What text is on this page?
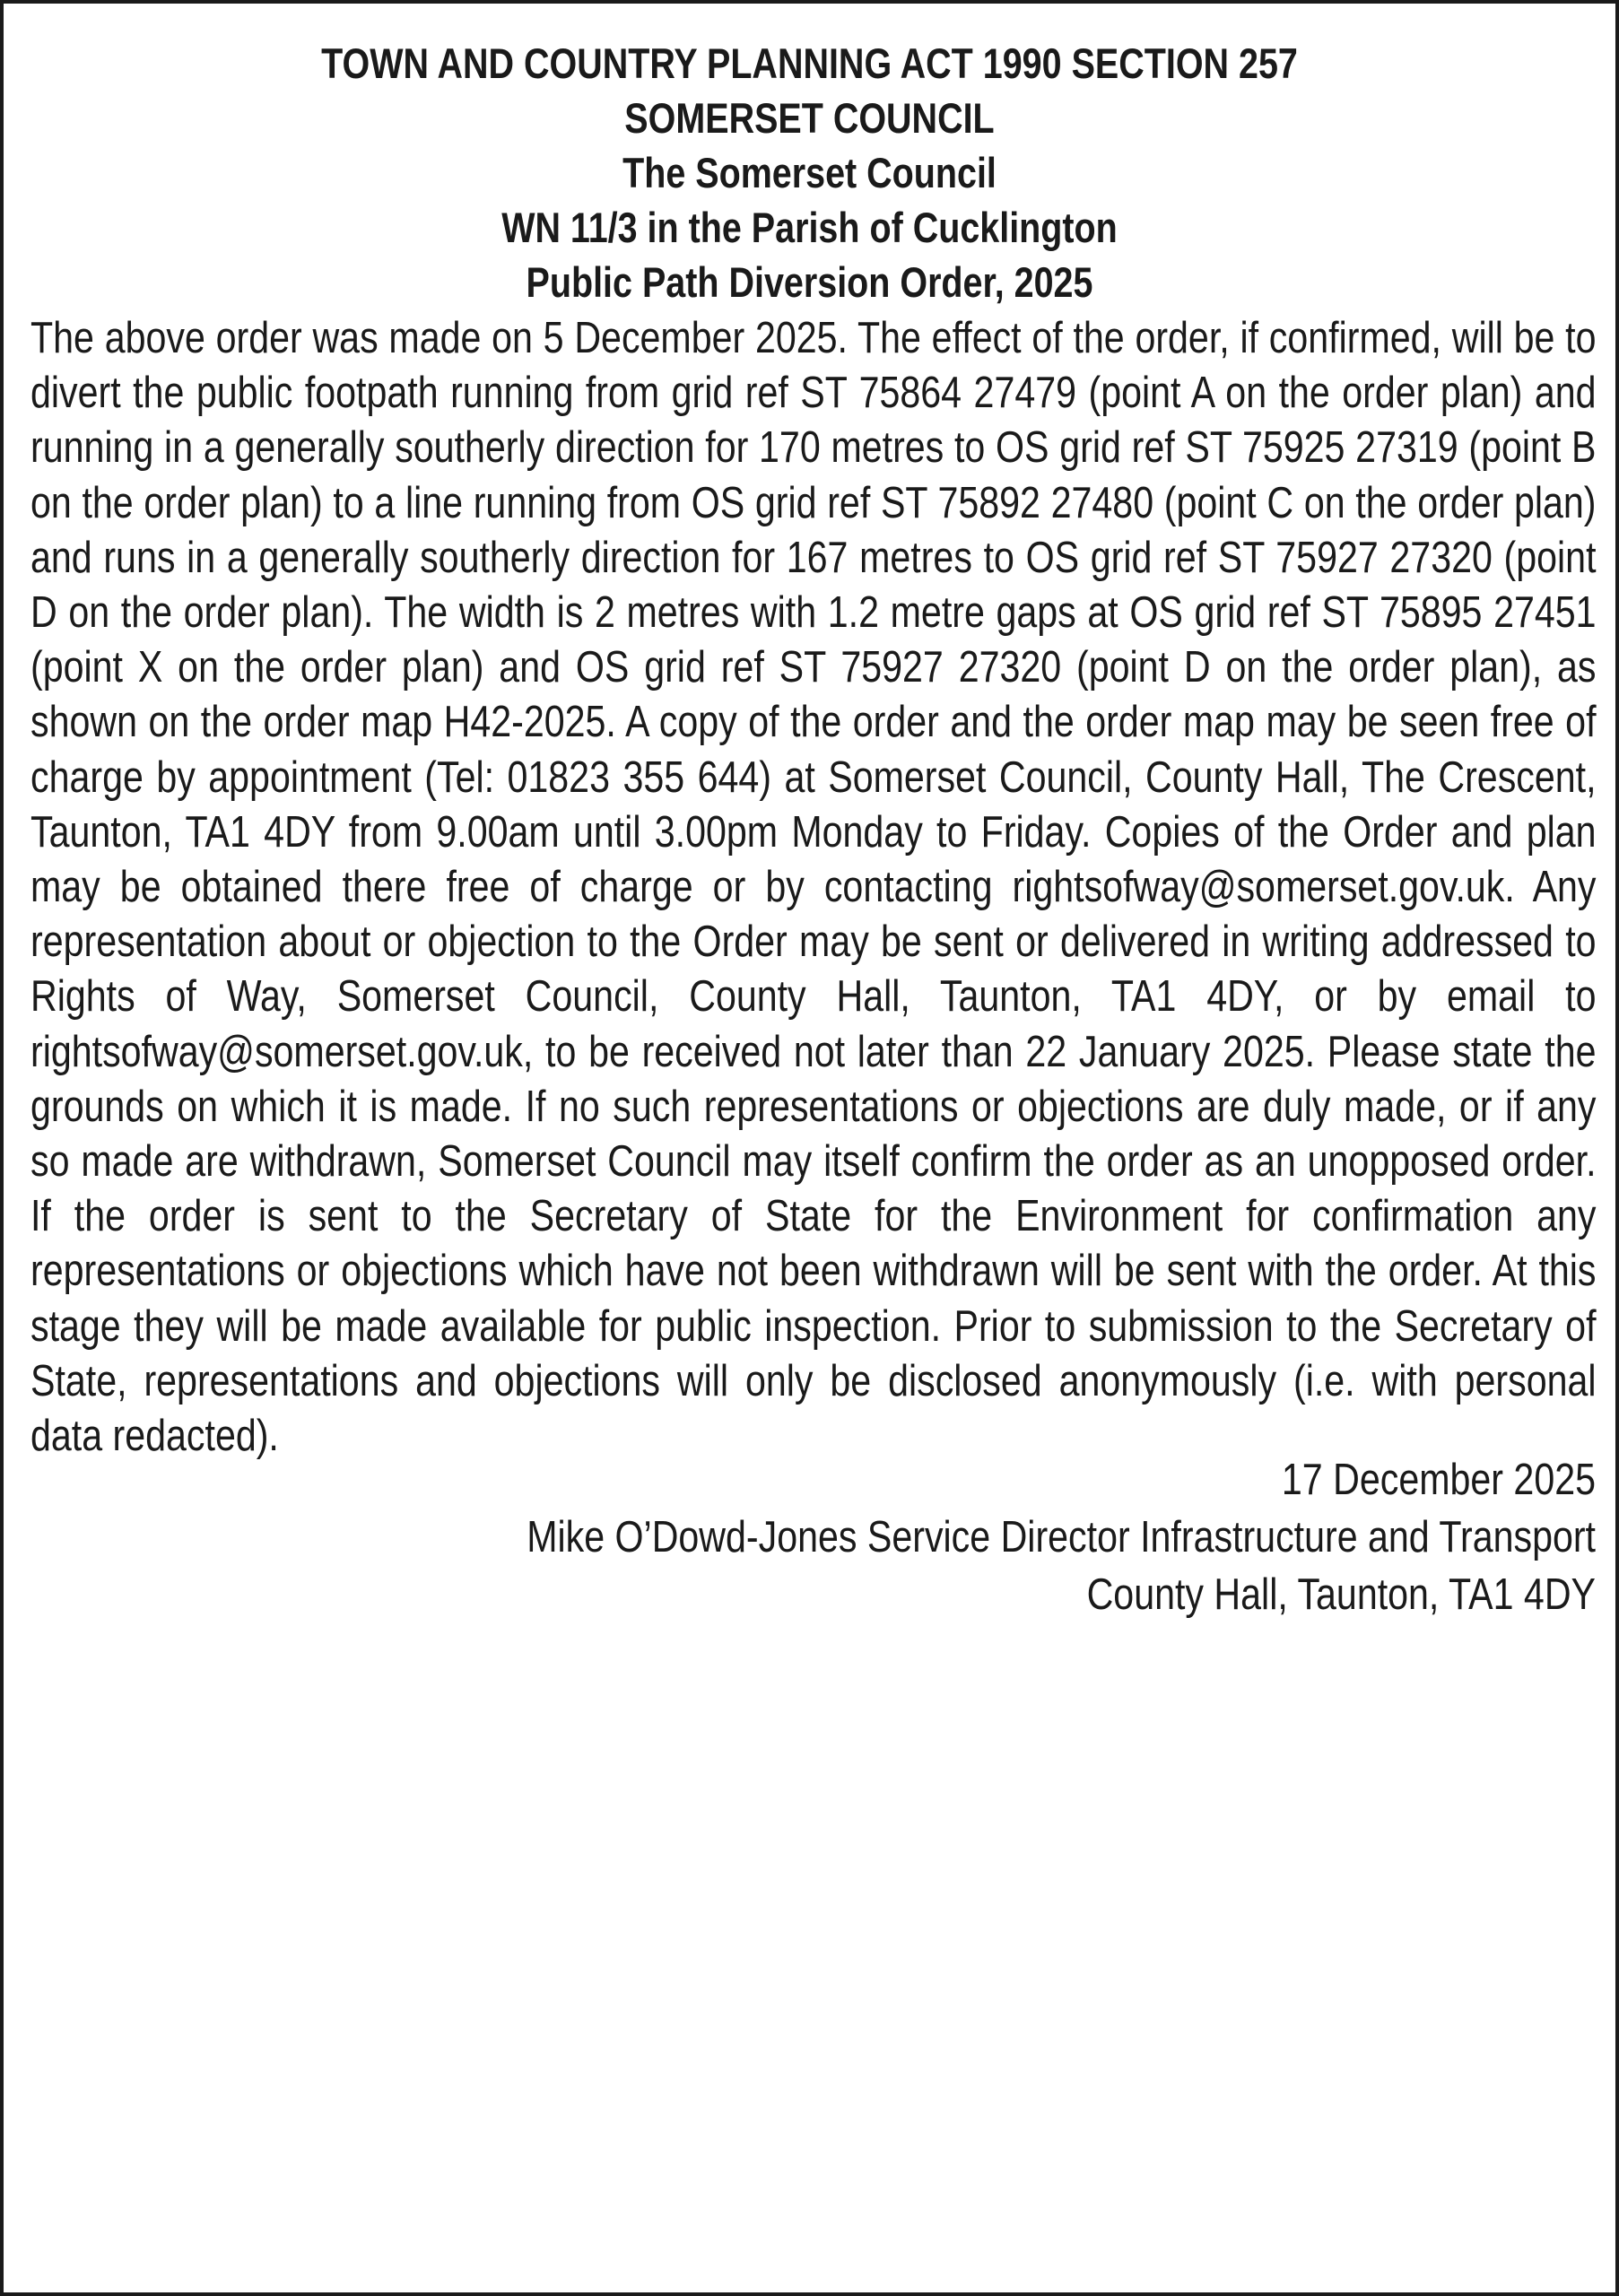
TOWN AND COUNTRY PLANNING ACT 1990 SECTION 257
SOMERSET COUNCIL
The Somerset Council
WN 11/3 in the Parish of Cucklington
Public Path Diversion Order, 2025

The above order was made on 5 December 2025. The effect of the order, if confirmed, will be to divert the public footpath running from grid ref ST 75864 27479 (point A on the order plan) and running in a generally southerly direction for 170 metres to OS grid ref ST 75925 27319 (point B on the order plan) to a line running from OS grid ref ST 75892 27480 (point C on the order plan) and runs in a generally southerly direction for 167 metres to OS grid ref ST 75927 27320 (point D on the order plan). The width is 2 metres with 1.2 metre gaps at OS grid ref ST 75895 27451 (point X on the order plan) and OS grid ref ST 75927 27320 (point D on the order plan), as shown on the order map H42-2025. A copy of the order and the order map may be seen free of charge by appointment (Tel: 01823 355 644) at Somerset Council, County Hall, The Crescent, Taunton, TA1 4DY from 9.00am until 3.00pm Monday to Friday. Copies of the Order and plan may be obtained there free of charge or by contacting rightsofway@somerset.gov.uk. Any representation about or objection to the Order may be sent or delivered in writing addressed to Rights of Way, Somerset Council, County Hall, Taunton, TA1 4DY, or by email to rightsofway@somerset.gov.uk, to be received not later than 22 January 2025. Please state the grounds on which it is made. If no such representations or objections are duly made, or if any so made are withdrawn, Somerset Council may itself confirm the order as an unopposed order. If the order is sent to the Secretary of State for the Environment for confirmation any representations or objections which have not been withdrawn will be sent with the order. At this stage they will be made available for public inspection. Prior to submission to the Secretary of State, representations and objections will only be disclosed anonymously (i.e. with personal data redacted).

17 December 2025
Mike O’Dowd-Jones Service Director Infrastructure and Transport
County Hall, Taunton, TA1 4DY
